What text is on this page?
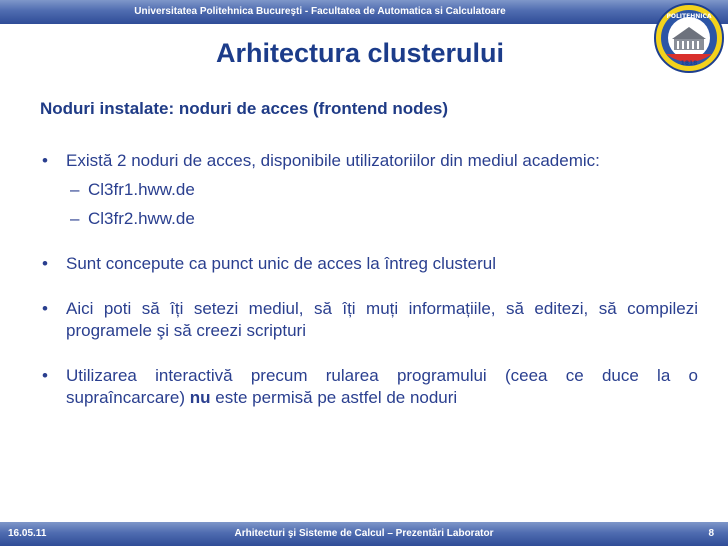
Universitatea Politehnica Bucureşti - Facultatea de Automatica si Calculatoare	POLITEHNICA
1818
Arhitectura clusterului

Noduri instalate: noduri de acces (frontend nodes)

• Există 2 noduri de acces, disponibile utilizatoriilor din mediul academic:
– Cl3fr1.hww.de
– Cl3fr2.hww.de
• Sunt concepute ca punct unic de acces la întreg clusterul
• Aici poti să îți setezi mediul, să îți muți informațiile, să editezi, să compilezi programele şi să creezi scripturi
• Utilizarea interactivă precum rularea programului (ceea ce duce la o supraîncarcare) nu este permisă pe astfel de noduri
16.05.11	Arhitecturi şi Sisteme de Calcul – Prezentări Laborator	8
